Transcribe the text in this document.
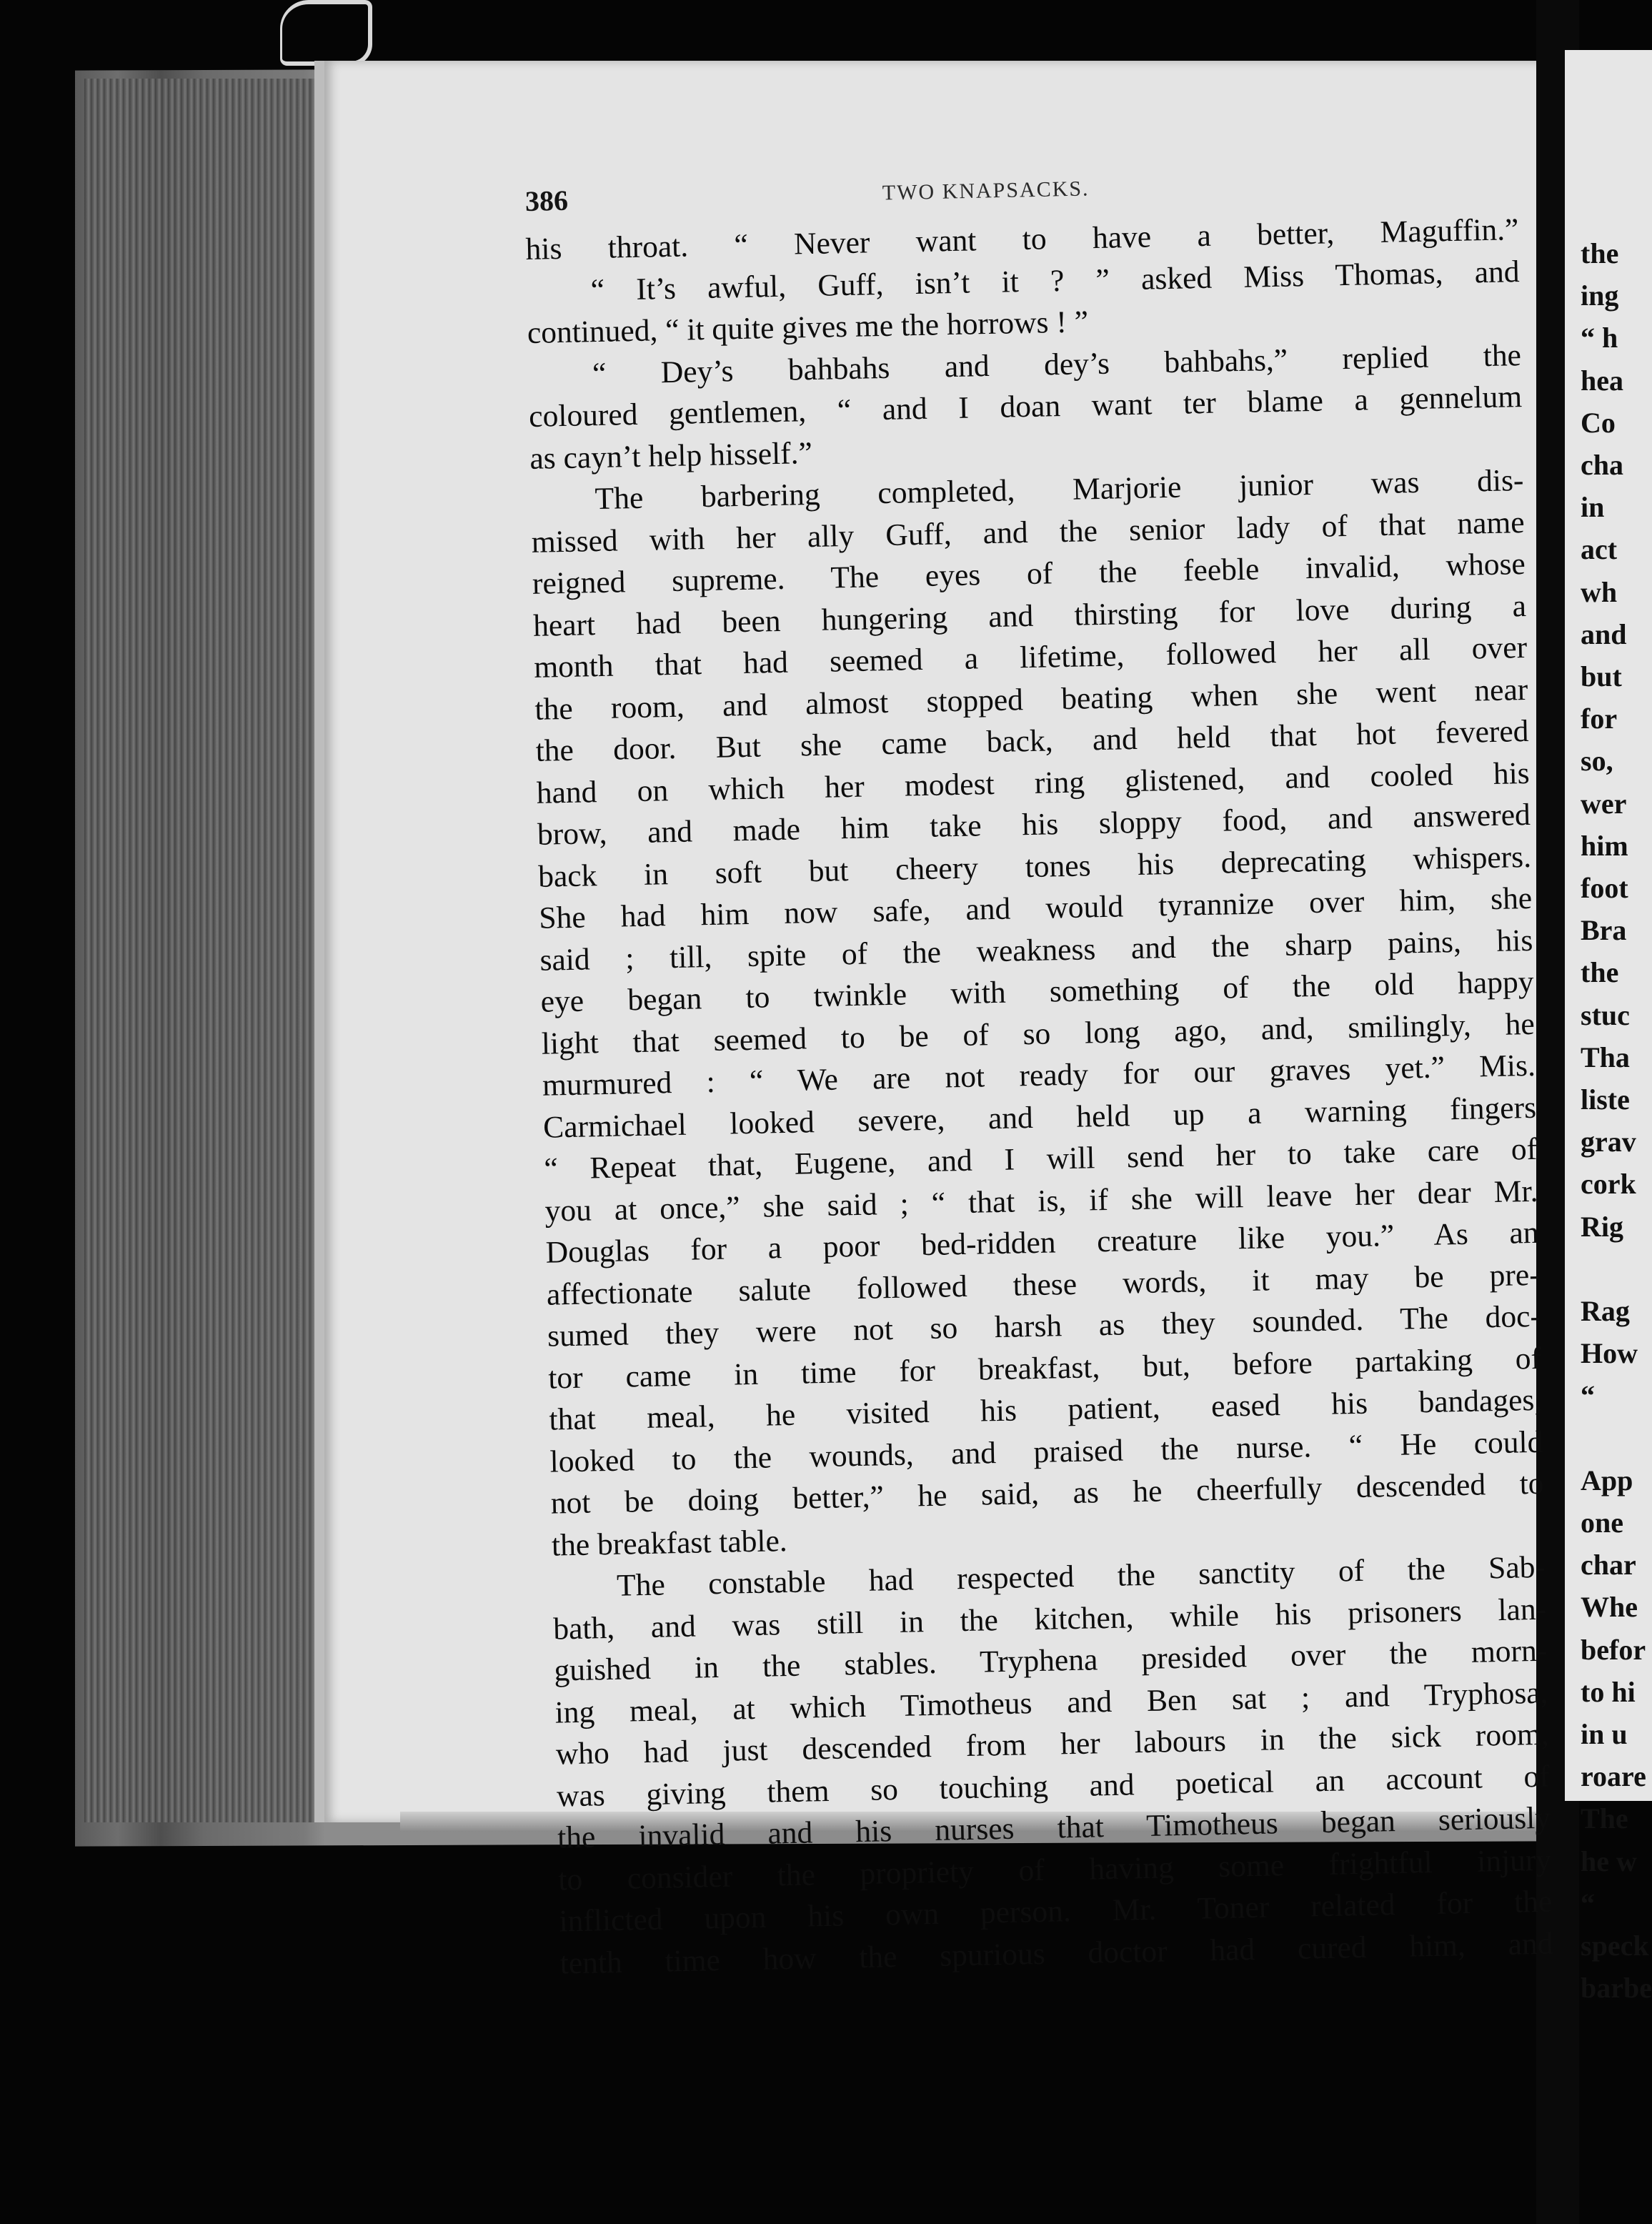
the
ing
“ h
hea
Co
cha
in
act
wh
and
but
for
so,
wer
him
foot
Bra
the
stuc
Tha
liste
grav
cork
Rig
Rag
How
“
App
one
char
Whe
befor
to hi
in u
roare
The
he w
“
speck
barbe
386	TWO KNAPSACKS.
his throat. “ Never want to have a better, Maguffin.”
“ It’s awful, Guff, isn’t it ? ” asked Miss Thomas, and
continued, “ it quite gives me the horrows ! ”
“ Dey’s bahbahs and dey’s bahbahs,” replied the
coloured gentlemen, “ and I doan want ter blame a gennelum
as cayn’t help hisself.”
The barbering completed, Marjorie junior was dis-
missed with her ally Guff, and the senior lady of that name
reigned supreme. The eyes of the feeble invalid, whose
heart had been hungering and thirsting for love during a
month that had seemed a lifetime, followed her all over
the room, and almost stopped beating when she went near
the door. But she came back, and held that hot fevered
hand on which her modest ring glistened, and cooled his
brow, and made him take his sloppy food, and answered
back in soft but cheery tones his deprecating whispers.
She had him now safe, and would tyrannize over him, she
said ; till, spite of the weakness and the sharp pains, his
eye began to twinkle with something of the old happy
light that seemed to be of so long ago, and, smilingly, he
murmured : “ We are not ready for our graves yet.” Mis.
Carmichael looked severe, and held up a warning fingers
“ Repeat that, Eugene, and I will send her to take care of
you at once,” she said ; “ that is, if she will leave her dear Mr.
Douglas for a poor bed-ridden creature like you.” As an
affectionate salute followed these words, it may be pre-
sumed they were not so harsh as they sounded. The doc-
tor came in time for breakfast, but, before partaking of
that meal, he visited his patient, eased his bandages,
looked to the wounds, and praised the nurse. “ He could
not be doing better,” he said, as he cheerfully descended to
the breakfast table.
The constable had respected the sanctity of the Sab-
bath, and was still in the kitchen, while his prisoners lan-
guished in the stables. Tryphena presided over the morn-
ing meal, at which Timotheus and Ben sat ; and Tryphosa,
who had just descended from her labours in the sick room,
was giving them so touching and poetical an account of
the invalid and his nurses that Timotheus began seriously
to consider the propriety of having some frightful injury
inflicted upon his own person. Mr. Toner related for the
tenth time how the spurious doctor had cured him, and
